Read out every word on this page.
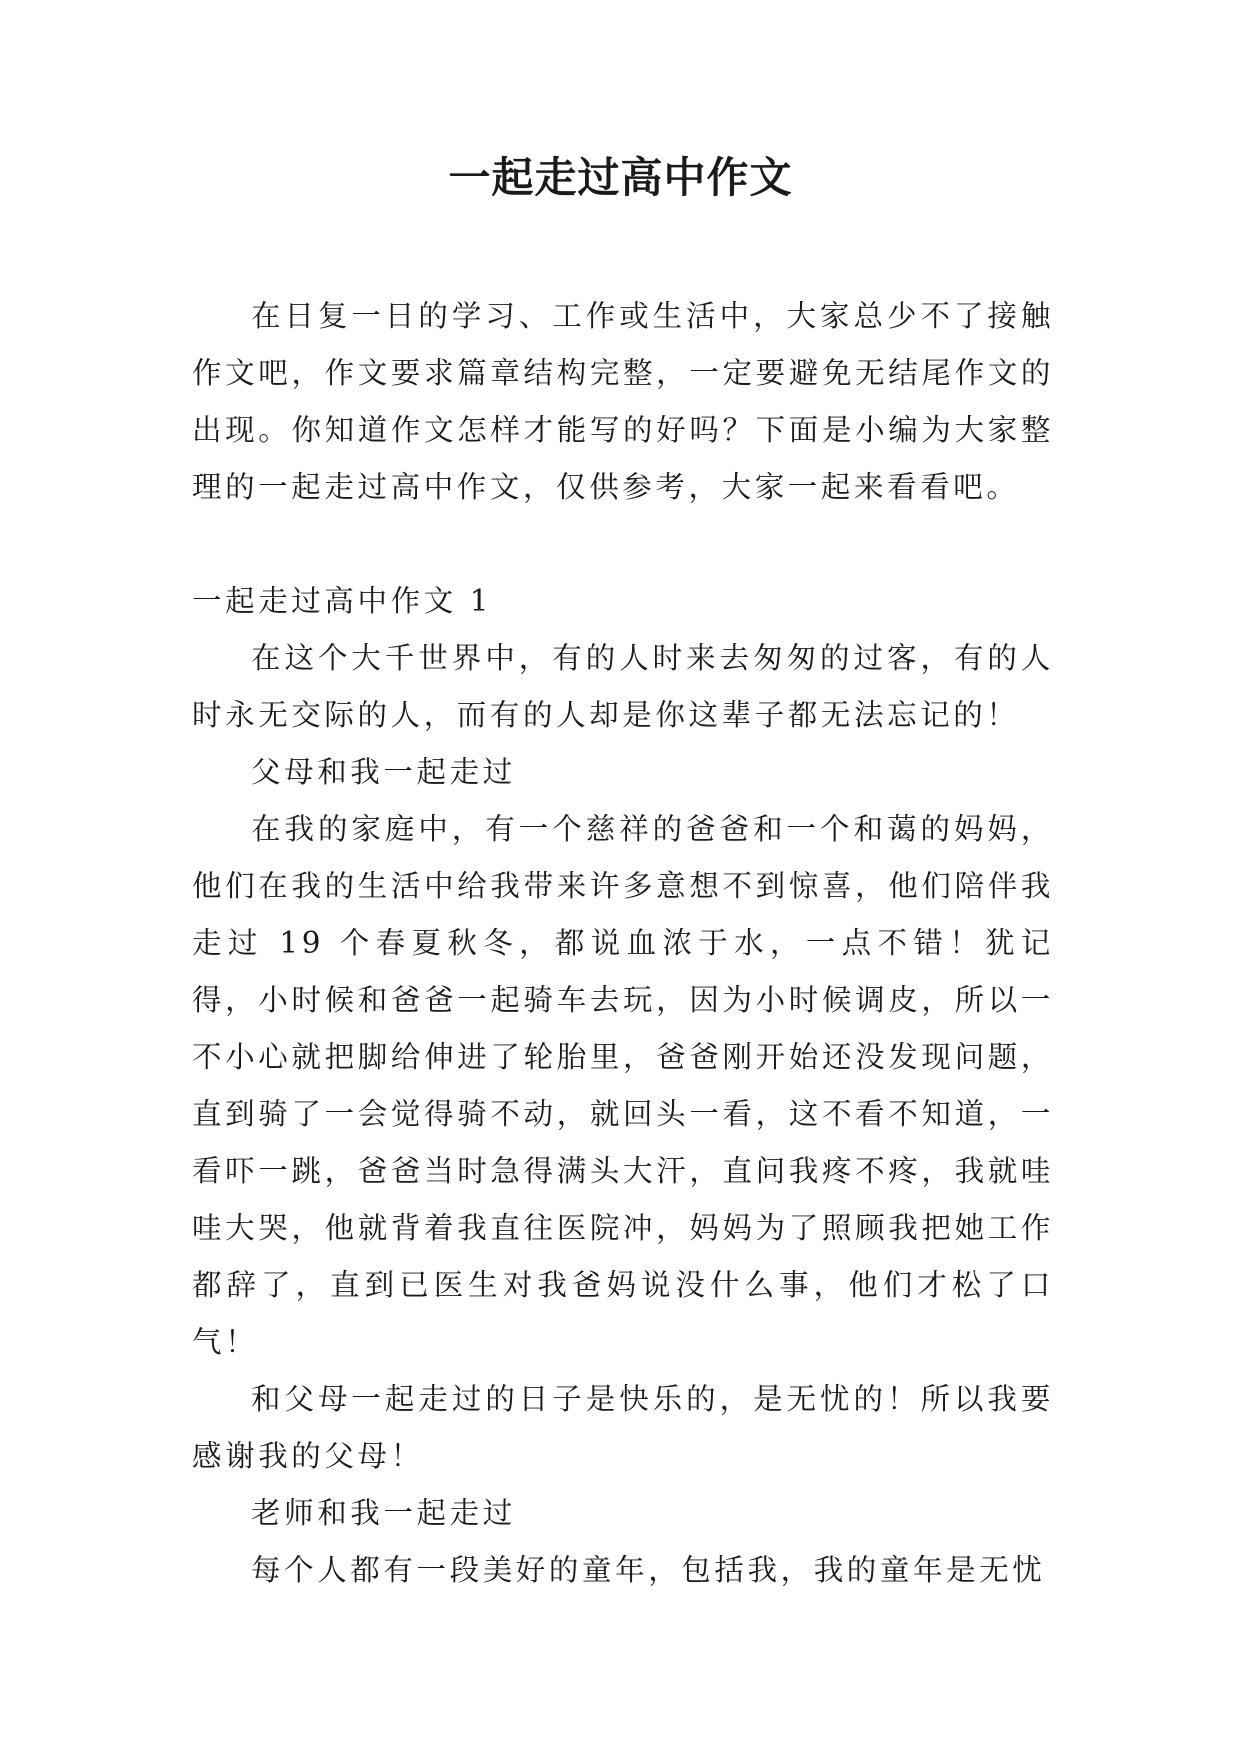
一起走过高中作文

在日复一日的学习、工作或生活中，大家总少不了接触作文吧，作文要求篇章结构完整，一定要避免无结尾作文的出现。你知道作文怎样才能写的好吗？下面是小编为大家整理的一起走过高中作文，仅供参考，大家一起来看看吧。

一起走过高中作文 1

在这个大千世界中，有的人时来去匆匆的过客，有的人时永无交际的人，而有的人却是你这辈子都无法忘记的！

父母和我一起走过

在我的家庭中，有一个慈祥的爸爸和一个和蔼的妈妈，他们在我的生活中给我带来许多意想不到惊喜，他们陪伴我走过 19 个春夏秋冬，都说血浓于水，一点不错！犹记得，小时候和爸爸一起骑车去玩，因为小时候调皮，所以一不小心就把脚给伸进了轮胎里，爸爸刚开始还没发现问题，直到骑了一会觉得骑不动，就回头一看，这不看不知道，一看吓一跳，爸爸当时急得满头大汗，直问我疼不疼，我就哇哇大哭，他就背着我直往医院冲，妈妈为了照顾我把她工作都辞了，直到已医生对我爸妈说没什么事，他们才松了口气！

和父母一起走过的日子是快乐的，是无忧的！所以我要感谢我的父母！

老师和我一起走过

每个人都有一段美好的童年，包括我，我的童年是无忧
